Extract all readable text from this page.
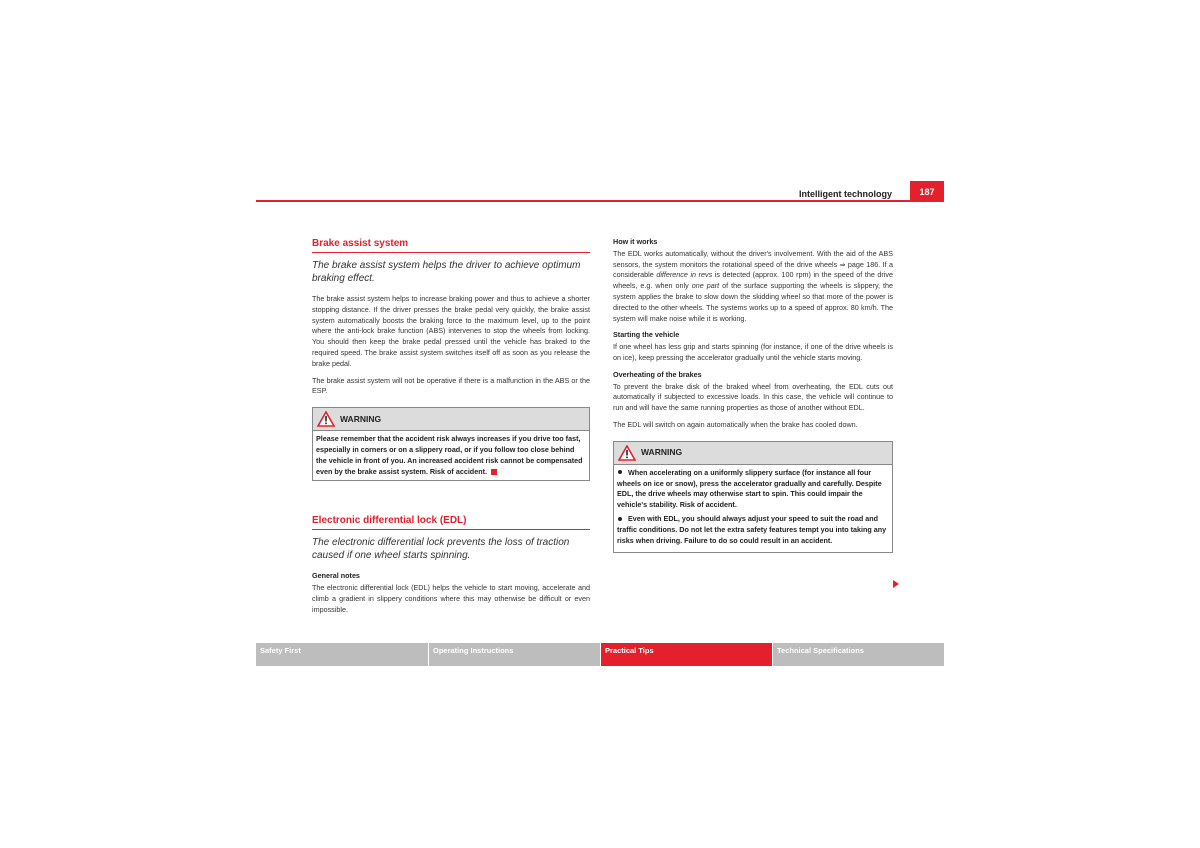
Intelligent technology	187
Brake assist system
The brake assist system helps the driver to achieve optimum braking effect.

The brake assist system helps to increase braking power and thus to achieve a shorter stopping distance. If the driver presses the brake pedal very quickly, the brake assist system automatically boosts the braking force to the maximum level, up to the point where the anti-lock brake function (ABS) intervenes to stop the wheels from locking. You should then keep the brake pedal pressed until the vehicle has braked to the required speed. The brake assist system switches itself off as soon as you release the brake pedal.

The brake assist system will not be operative if there is a malfunction in the ABS or the ESP.

WARNING
Please remember that the accident risk always increases if you drive too fast, especially in corners or on a slippery road, or if you follow too close behind the vehicle in front of you. An increased accident risk cannot be compensated even by the brake assist system. Risk of accident.
Electronic differential lock (EDL)
The electronic differential lock prevents the loss of traction caused if one wheel starts spinning.
General notes

The electronic differential lock (EDL) helps the vehicle to start moving, accelerate and climb a gradient in slippery conditions where this may otherwise be difficult or even impossible.

How it works

The EDL works automatically, without the driver's involvement. With the aid of the ABS sensors, the system monitors the rotational speed of the drive wheels ⇒ page 186. If a considerable difference in revs is detected (approx. 100 rpm) in the speed of the drive wheels, e.g. when only one part of the surface supporting the wheels is slippery, the system applies the brake to slow down the skidding wheel so that more of the power is directed to the other wheels. The systems works up to a speed of approx. 80 km/h. The system will make noise while it is working.

Starting the vehicle

If one wheel has less grip and starts spinning (for instance, if one of the drive wheels is on ice), keep pressing the accelerator gradually until the vehicle starts moving.

Overheating of the brakes

To prevent the brake disk of the braked wheel from overheating, the EDL cuts out automatically if subjected to excessive loads. In this case, the vehicle will continue to run and will have the same running properties as those of another without EDL.

The EDL will switch on again automatically when the brake has cooled down.

WARNING
When accelerating on a uniformly slippery surface (for instance all four wheels on ice or snow), press the accelerator gradually and carefully. Despite EDL, the drive wheels may otherwise start to spin. This could impair the vehicle's stability. Risk of accident.
Even with EDL, you should always adjust your speed to suit the road and traffic conditions. Do not let the extra safety features tempt you into taking any risks when driving. Failure to do so could result in an accident.
Safety First	Operating Instructions	Practical Tips	Technical Specifications
